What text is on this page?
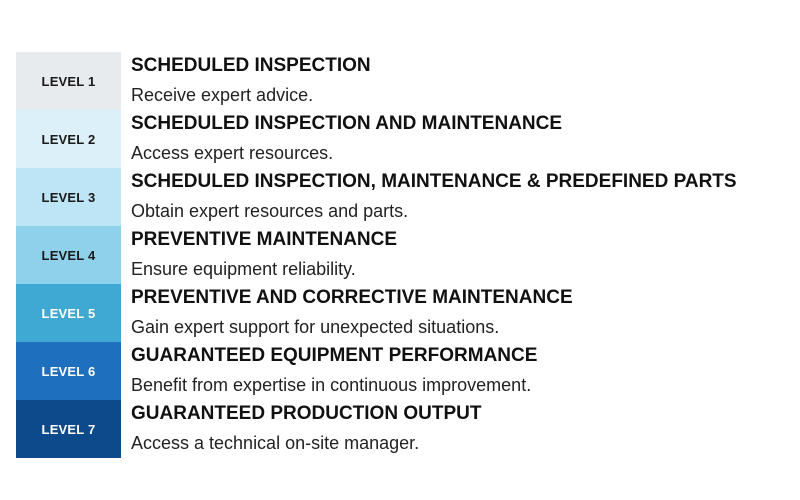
LEVEL 1
SCHEDULED INSPECTION
Receive expert advice.
LEVEL 2
SCHEDULED INSPECTION AND MAINTENANCE
Access expert resources.
LEVEL 3
SCHEDULED INSPECTION, MAINTENANCE & PREDEFINED PARTS
Obtain expert resources and parts.
LEVEL 4
PREVENTIVE MAINTENANCE
Ensure equipment reliability.
LEVEL 5
PREVENTIVE AND CORRECTIVE MAINTENANCE
Gain expert support for unexpected situations.
LEVEL 6
GUARANTEED EQUIPMENT PERFORMANCE
Benefit from expertise in continuous improvement.
LEVEL 7
GUARANTEED PRODUCTION OUTPUT
Access a technical on-site manager.
